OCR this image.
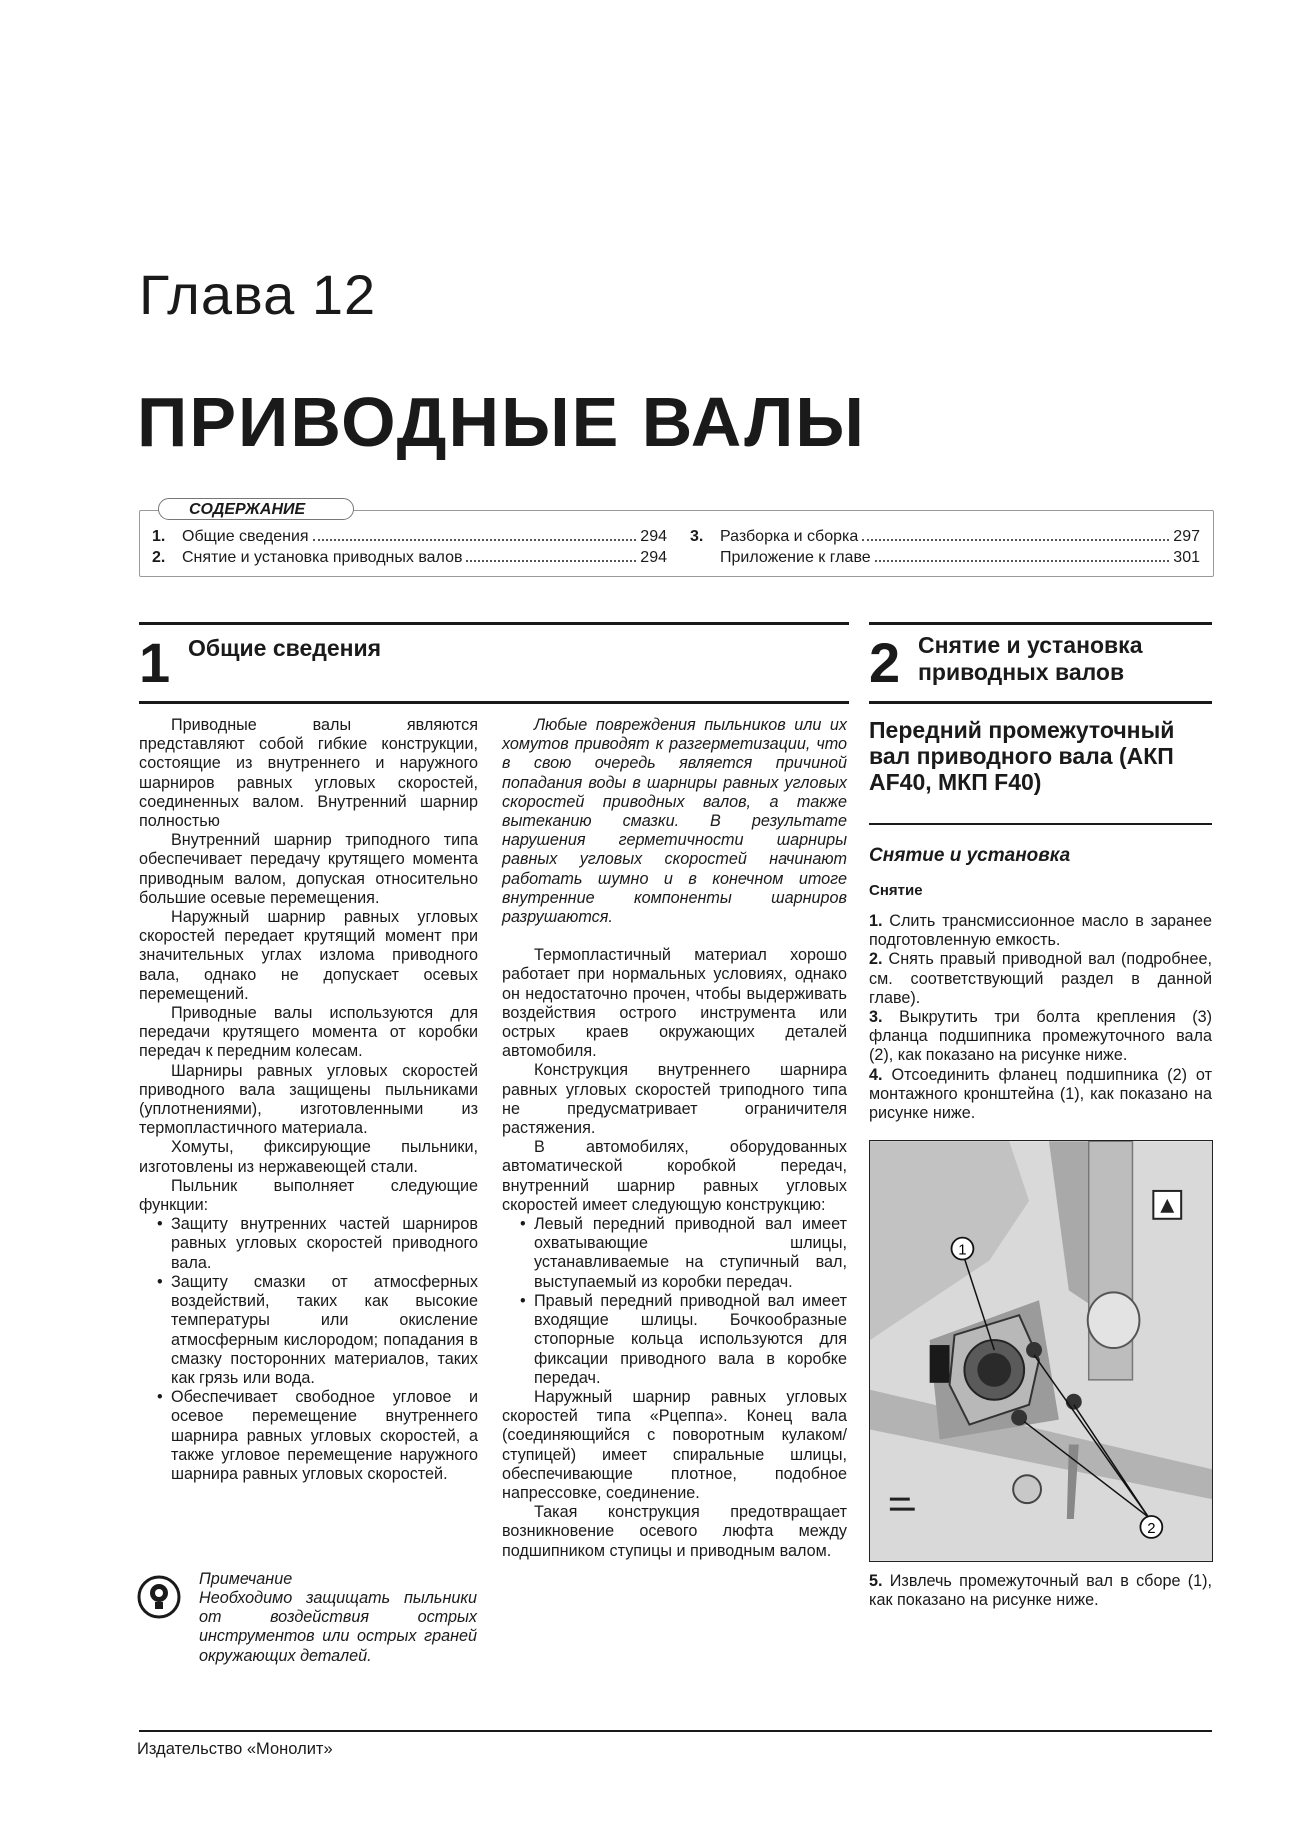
Глава 12
ПРИВОДНЫЕ ВАЛЫ
СОДЕРЖАНИЕ
1.	Общие сведения	294
2.	Снятие и установка приводных валов	294
3.	Разборка и сборка	297
Приложение к главе	301
1 Общие сведения	2 Снятие и установка
приводных валов

Приводные валы являются представляют собой гибкие конструкции, состоящие из внутреннего и наружного шарниров равных угловых скоростей, соединенных валом. Внутренний шарнир полностью

Внутренний шарнир триподного типа обеспечивает передачу крутящего момента приводным валом, допуская относительно большие осевые перемещения.

Наружный шарнир равных угловых скоростей передает крутящий момент при значительных углах излома приводного вала, однако не допускает осевых перемещений.

Приводные валы используются для передачи крутящего момента от коробки передач к передним колесам.

Шарниры равных угловых скоростей приводного вала защищены пыльниками (уплотнениями), изготовленными из термопластичного материала.

Хомуты, фиксирующие пыльники, изготовлены из нержавеющей стали.

Пыльник выполняет следующие функции:

• Защиту внутренних частей шарниров равных угловых скоростей приводного вала.

• Защиту смазки от атмосферных воздействий, таких как высокие температуры или окисление атмосферным кислородом; попадания в смазку посторонних материалов, таких как грязь или вода.

• Обеспечивает свободное угловое и осевое перемещение внутреннего шарнира равных угловых скоростей, а также угловое перемещение наружного шарнира равных угловых скоростей.

Примечание
Необходимо защищать пыльники от воздействия острых инструментов или острых граней окружающих деталей.

Любые повреждения пыльников или их хомутов приводят к разгерметизации, что в свою очередь является причиной попадания воды в шарниры равных угловых скоростей приводных валов, а также вытеканию смазки. В результате нарушения герметичности шарниры равных угловых скоростей начинают работать шумно и в конечном итоге внутренние компоненты шарниров разрушаются.

Термопластичный материал хорошо работает при нормальных условиях, однако он недостаточно прочен, чтобы выдерживать воздействия острого инструмента или острых краев окружающих деталей автомобиля.

Конструкция внутреннего шарнира равных угловых скоростей триподного типа не предусматривает ограничителя растяжения.

В автомобилях, оборудованных автоматической коробкой передач, внутренний шарнир равных угловых скоростей имеет следующую конструкцию:

• Левый передний приводной вал имеет охватывающие шлицы, устанавливаемые на ступичный вал, выступаемый из коробки передач.

• Правый передний приводной вал имеет входящие шлицы. Бочкообразные стопорные кольца используются для фиксации приводного вала в коробке передач.

Наружный шарнир равных угловых скоростей типа «Рцеппа». Конец вала (соединяющийся с поворотным кулаком/ступицей) имеет спиральные шлицы, обеспечивающие плотное, подобное напрессовке, соединение.

Такая конструкция предотвращает возникновение осевого люфта между подшипником ступицы и приводным валом.

Передний промежуточный вал приводного вала (АКП AF40, МКП F40)
Снятие и установка
Снятие

1. Слить трансмиссионное масло в заранее подготовленную емкость.

2. Снять правый приводной вал (подробнее, см. соответствующий раздел в данной главе).

3. Выкрутить три болта крепления (3) фланца подшипника промежуточного вала (2), как показано на рисунке ниже.

4. Отсоединить фланец подшипника (2) от монтажного кронштейна (1), как показано на рисунке ниже.

1
2

5. Извлечь промежуточный вал в сборе (1), как показано на рисунке ниже.

Издательство «Монолит»
